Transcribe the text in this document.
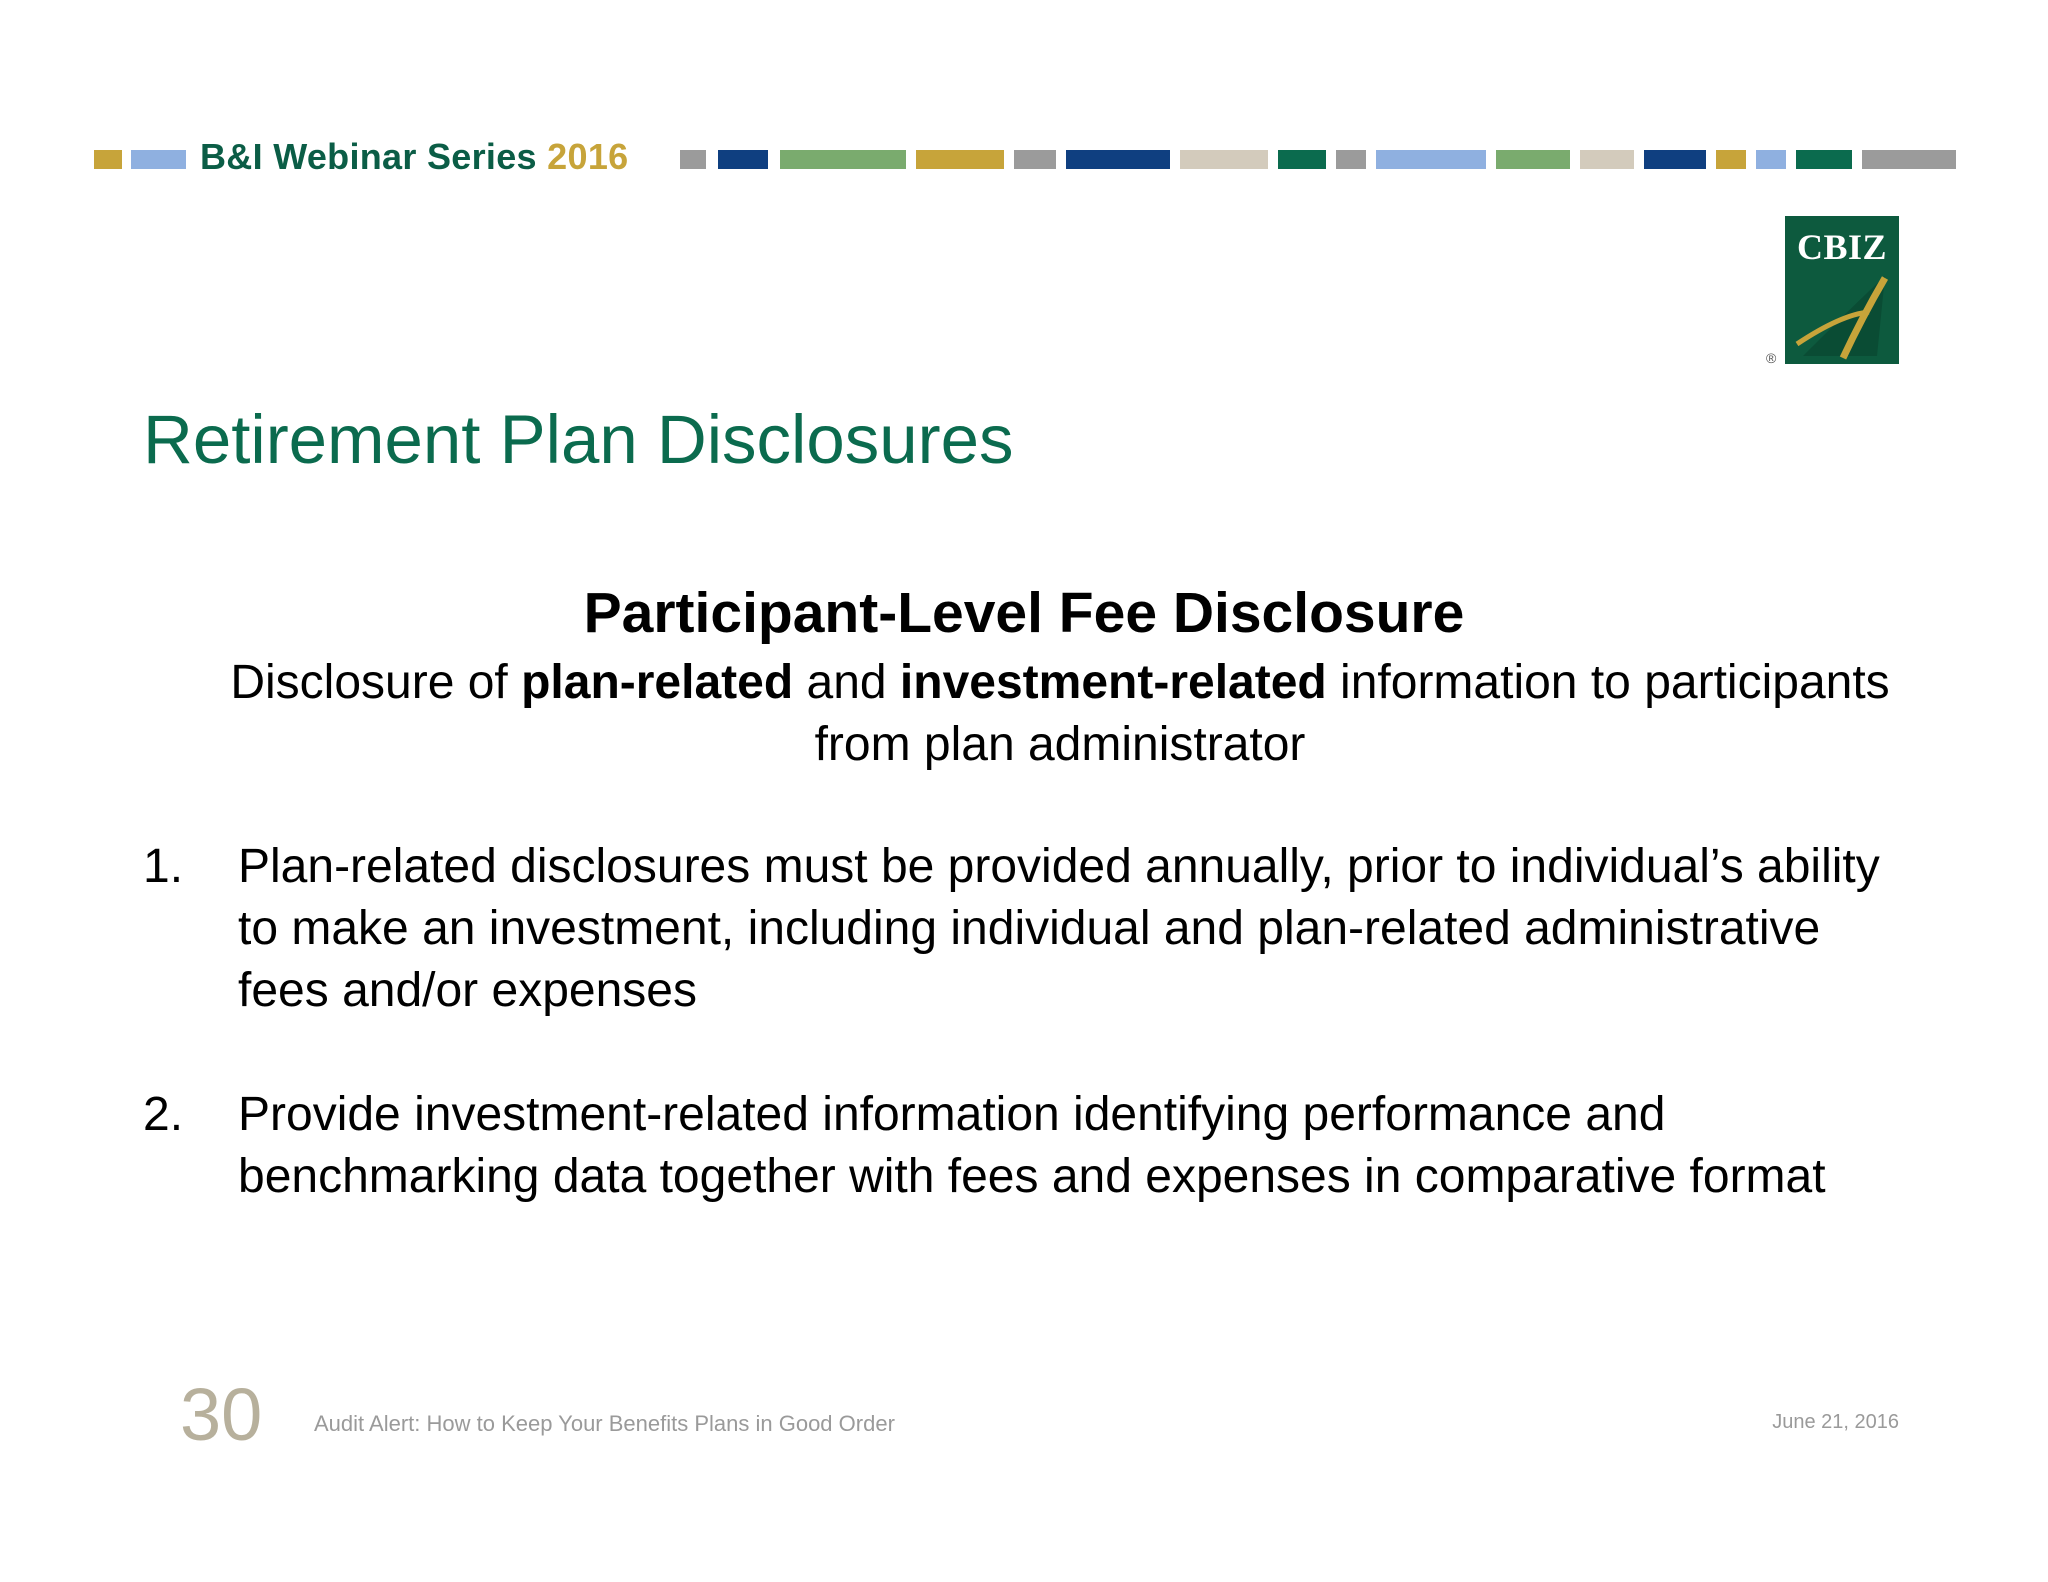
B&I Webinar Series 2016
CBIZ
®
Retirement Plan Disclosures
Participant-Level Fee Disclosure
Disclosure of plan-related and investment-related information to participants from plan administrator
1. Plan-related disclosures must be provided annually, prior to individual’s ability to make an investment, including individual and plan-related administrative fees and/or expenses
2. Provide investment-related information identifying performance and benchmarking data together with fees and expenses in comparative format
30 Audit Alert: How to Keep Your Benefits Plans in Good Order	June 21, 2016
